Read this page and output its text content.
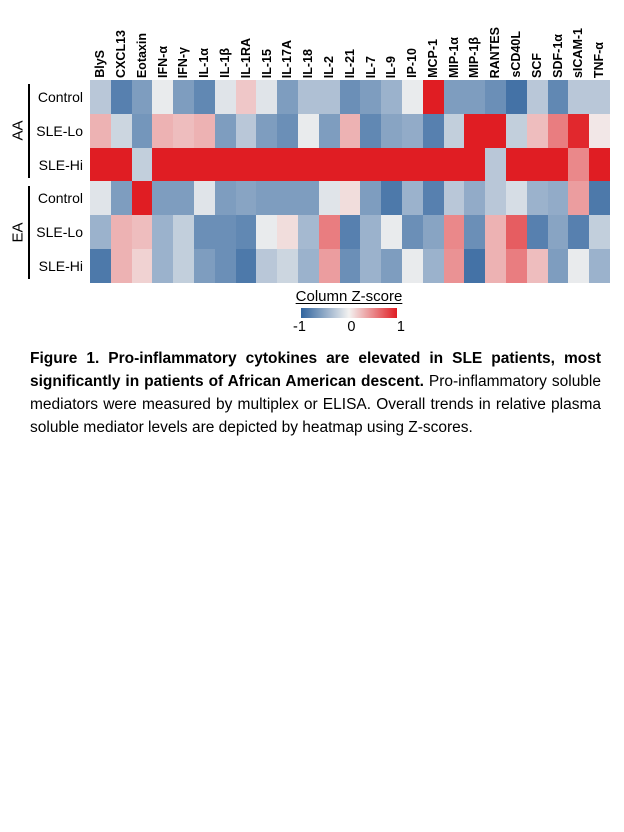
BlyS CXCL13 Eotaxin IFN-α IFN-γ IL-1α IL-1β IL-1RA IL-15 IL-17A IL-18 IL-2 IL-21 IL-7 IL-9 IP-10 MCP-1 MIP-1α MIP-1β RANTES sCD40L SCF SDF-1α sICAM-1 TNF-α
AA
Control
SLE-Lo
SLE-Hi
EA
Control
SLE-Lo
SLE-Hi
Column Z-score
-1	0	1

Figure 1. Pro-inflammatory cytokines are elevated in SLE patients, most significantly in patients of African American descent. Pro-inflammatory soluble mediators were measured by multiplex or ELISA. Overall trends in relative plasma soluble mediator levels are depicted by heatmap using Z-scores.
